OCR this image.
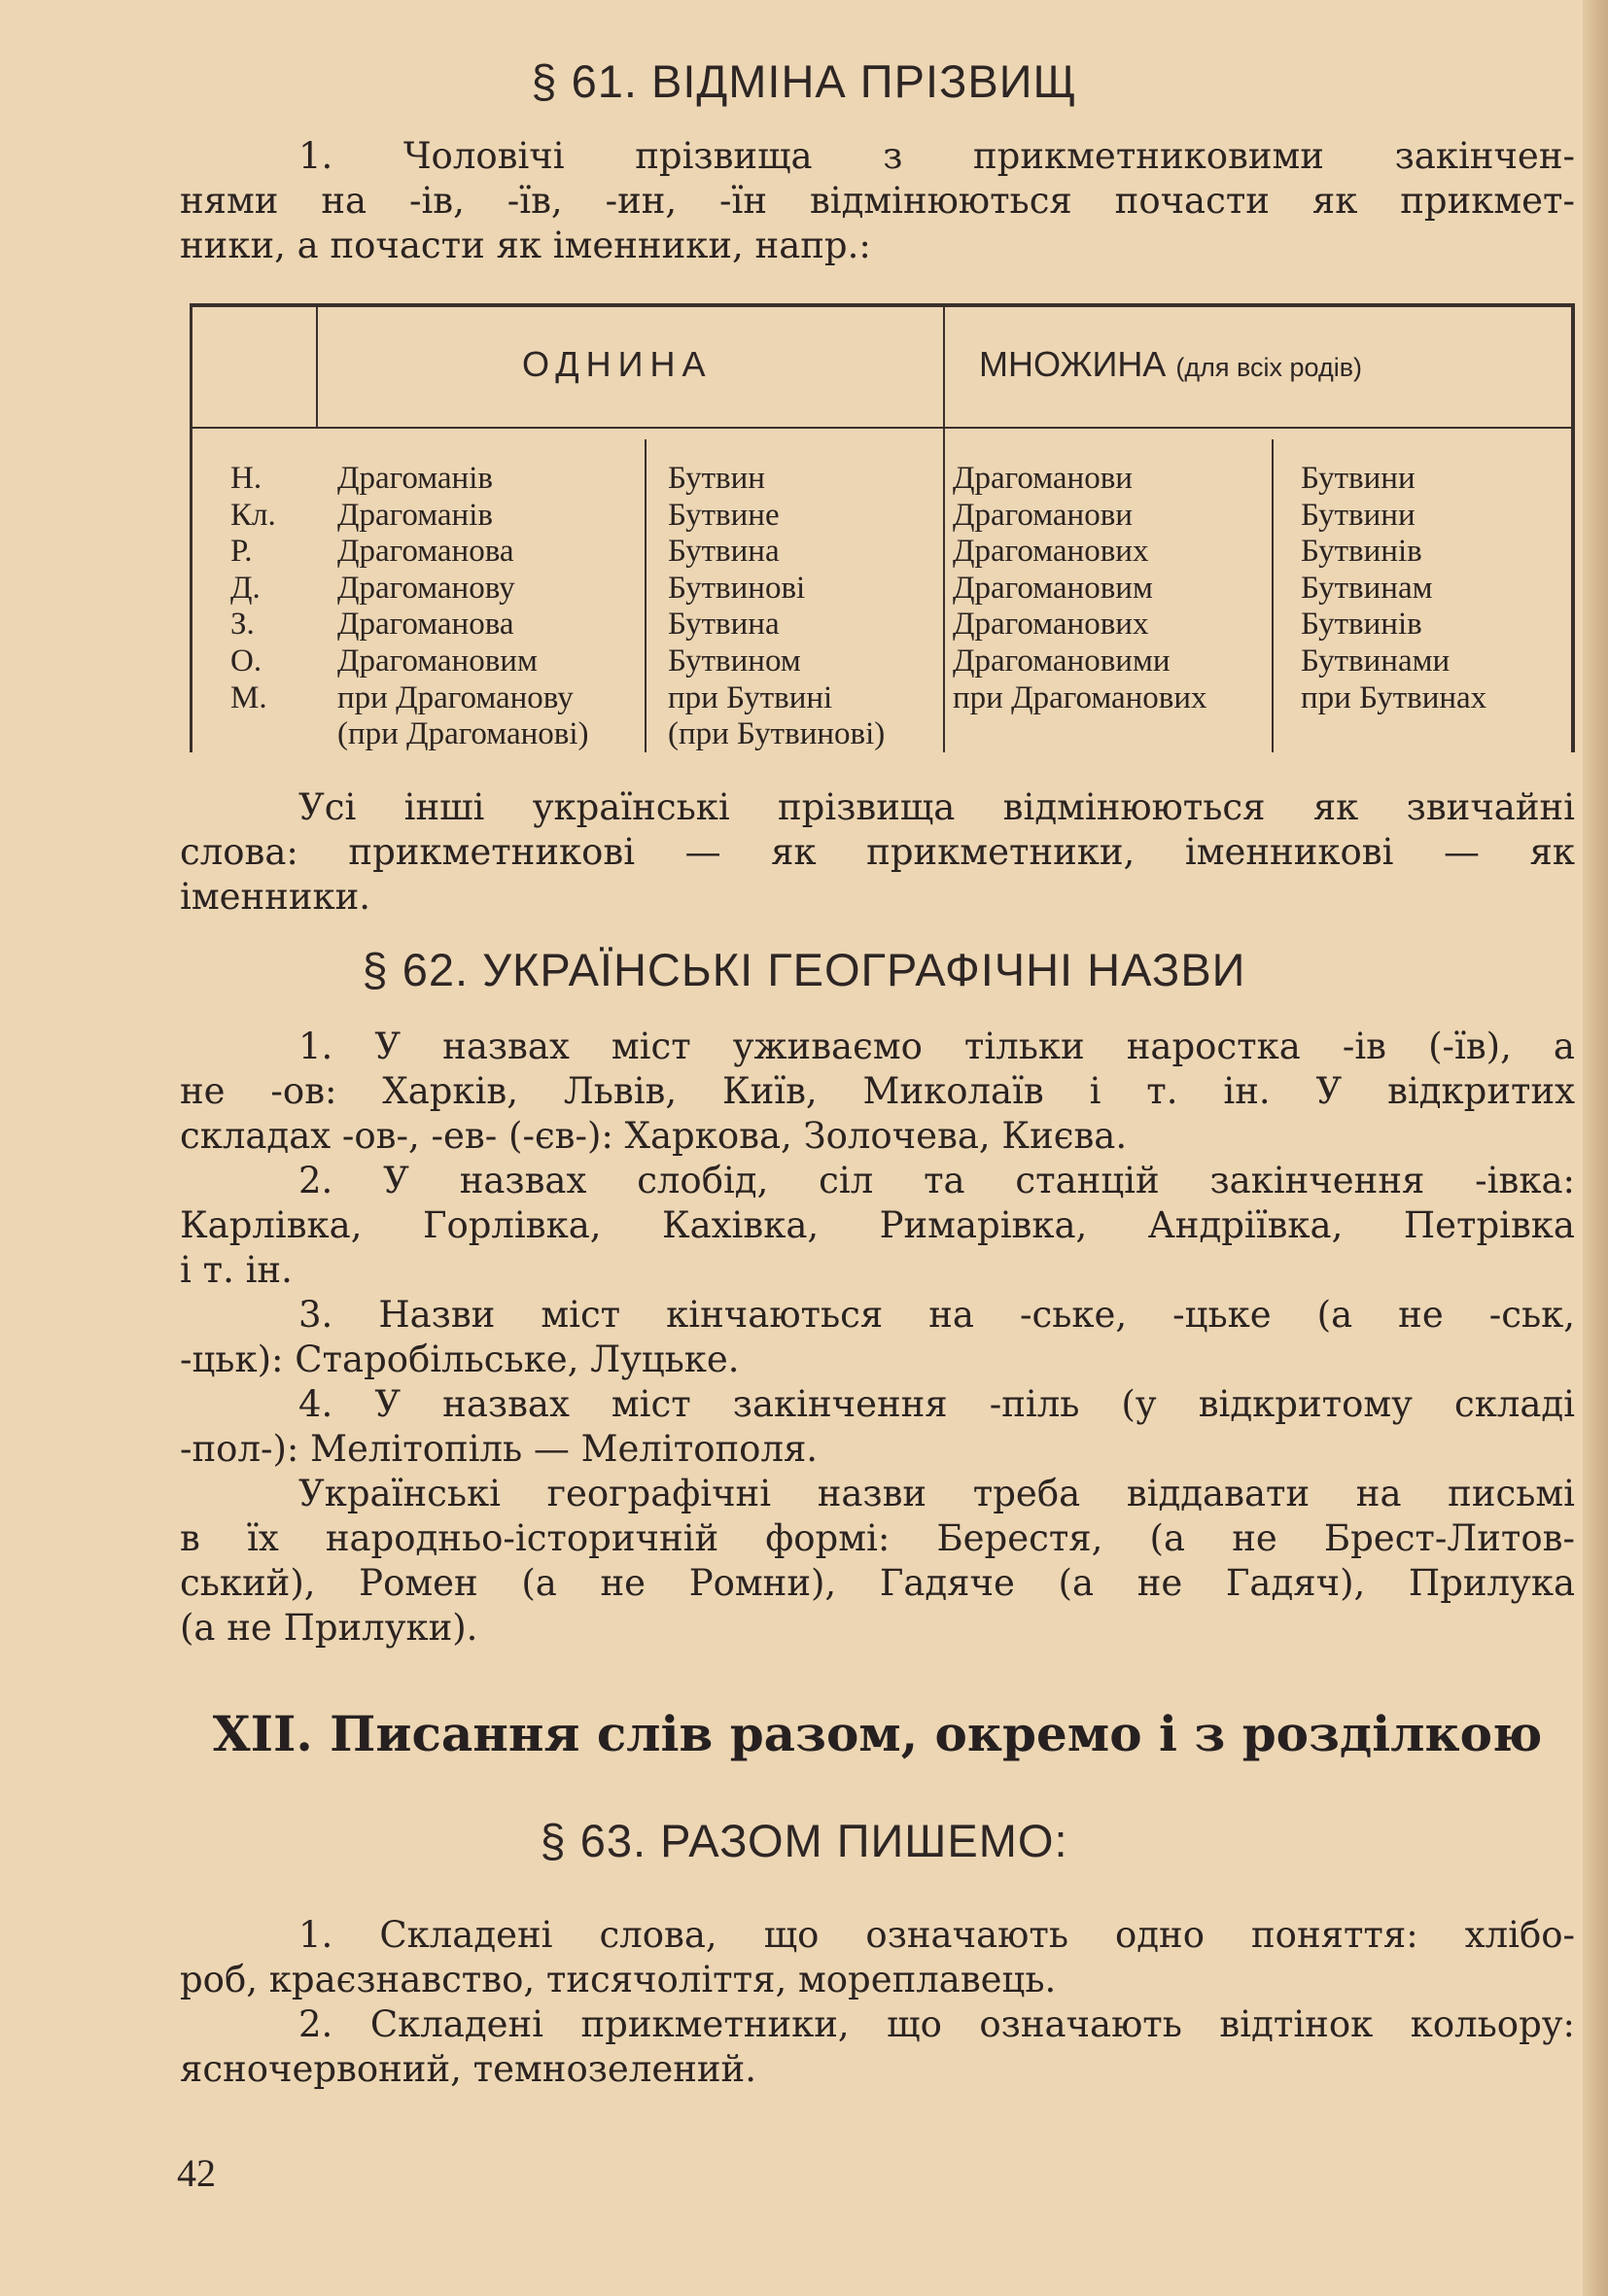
§ 61. ВІДМІНА ПРІЗВИЩ
1. Чоловічі прізвища з прикметниковими закінчен-
нями на -ів, -їв, -ин, -їн відмінюються почасти як прикмет-
ники, а почасти як іменники, напр.:
ОДНИНА	МНОЖИНА (для всіх родів)
Н.
Кл.
Р.
Д.
З.
О.
М.
Драгоманів
Драгоманів
Драгоманова
Драгоманову
Драгоманова
Драгомановим
при Драгоманову
(при Драгоманові)
Бутвин
Бутвине
Бутвина
Бутвинові
Бутвина
Бутвином
при Бутвині
(при Бутвинові)
Драгоманови
Драгоманови
Драгоманових
Драгомановим
Драгоманових
Драгомановими
при Драгоманових
Бутвини
Бутвини
Бутвинів
Бутвинам
Бутвинів
Бутвинами
при Бутвинах
Усі інші українські прізвища відмінюються як звичайні
слова: прикметникові — як прикметники, іменникові — як
іменники.
§ 62. УКРАЇНСЬКІ ГЕОГРАФІЧНІ НАЗВИ
1. У назвах міст уживаємо тільки наростка -ів (-їв), а
не -ов: Харків, Львів, Київ, Миколаїв і т. ін. У відкритих
складах -ов-, -ев- (-єв-): Харкова, Золочева, Києва.
2. У назвах слобід, сіл та станцій закінчення -івка:
Карлівка, Горлівка, Кахівка, Римарівка, Андріївка, Петрівка
і т. ін.
3. Назви міст кінчаються на -ське, -цьке (а не -ськ,
-цьк): Старобільське, Луцьке.
4. У назвах міст закінчення -піль (у відкритому складі
-пол-): Мелітопіль — Мелітополя.
Українські географічні назви треба віддавати на письмі
в їх народньо-історичній формі: Берестя, (а не Брест-Литов-
ський), Ромен (а не Ромни), Гадяче (а не Гадяч), Прилука
(а не Прилуки).
XII. Писання слів разом, окремо і з розділкою
§ 63. РАЗОМ ПИШЕМО:
1. Складені слова, що означають одно поняття: хлібо-
роб, краєзнавство, тисячоліття, мореплавець.
2. Складені прикметники, що означають відтінок кольору:
ясночервоний, темнозелений.
42
